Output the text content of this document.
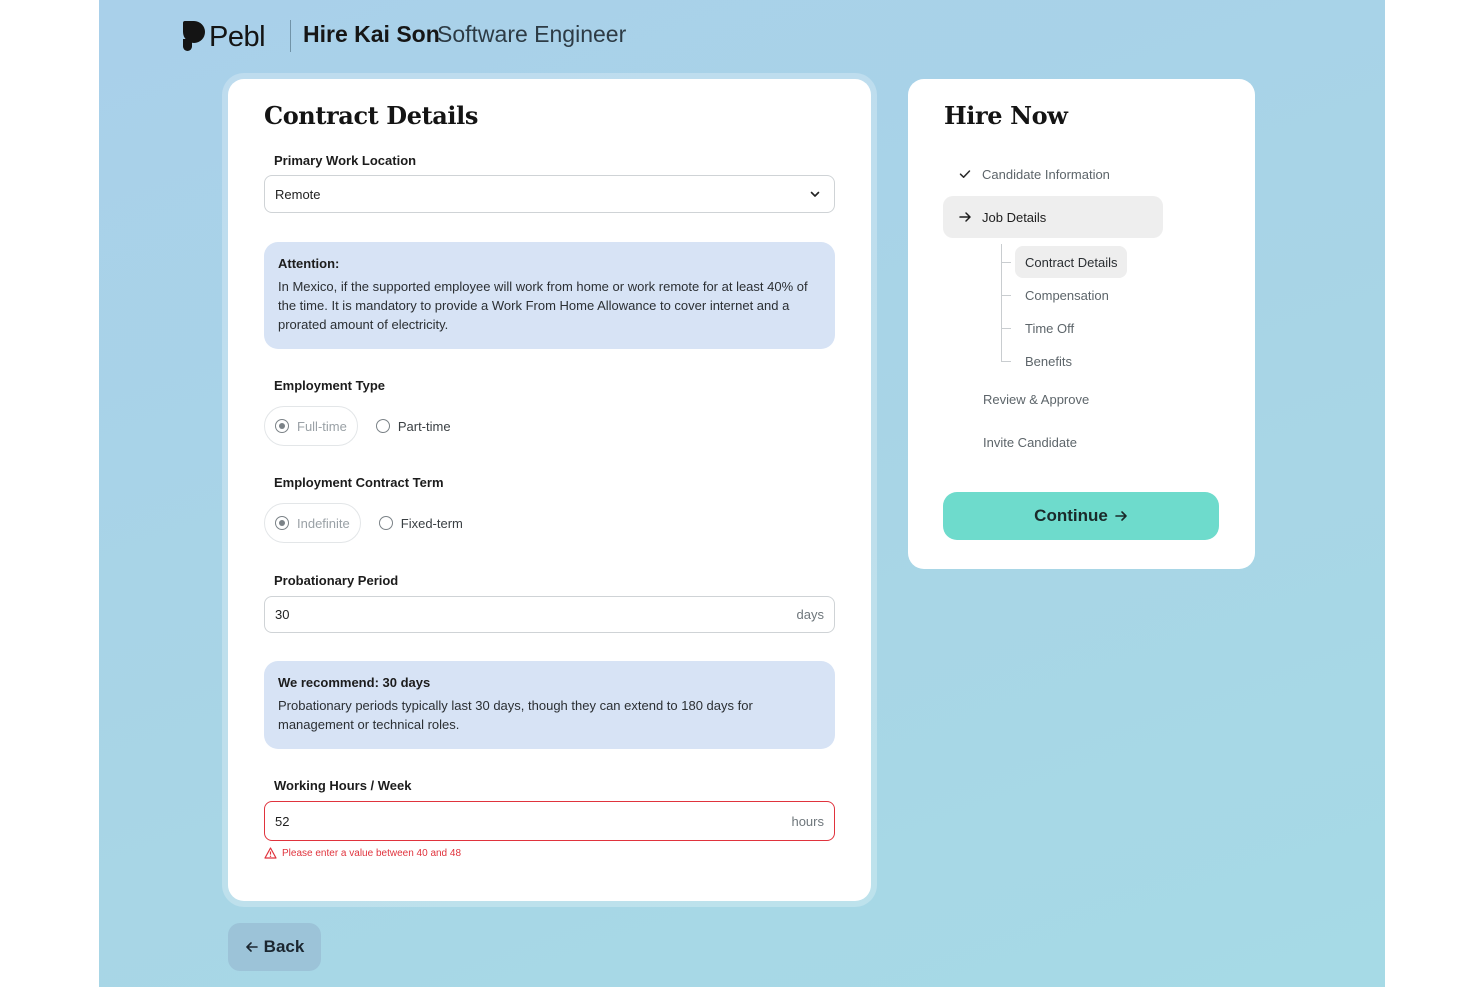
Pebl Hire Kai Son
Software Engineer
Contract Details
Primary Work Location
Remote
Attention:
In Mexico, if the supported employee will work from home or work remote for at least 40% of the time. It is mandatory to provide a Work From Home Allowance to cover internet and a prorated amount of electricity.
Employment Type
Full-time	Part-time
Employment Contract Term
Indefinite	Fixed-term
Probationary Period
30	days
We recommend: 30 days
Probationary periods typically last 30 days, though they can extend to 180 days for management or technical roles.
Working Hours / Week
52	hours
Please enter a value between 40 and 48
Hire Now
Candidate Information
Job Details
Contract Details
Compensation
Time Off
Benefits
Review & Approve
Invite Candidate
Continue
Back
